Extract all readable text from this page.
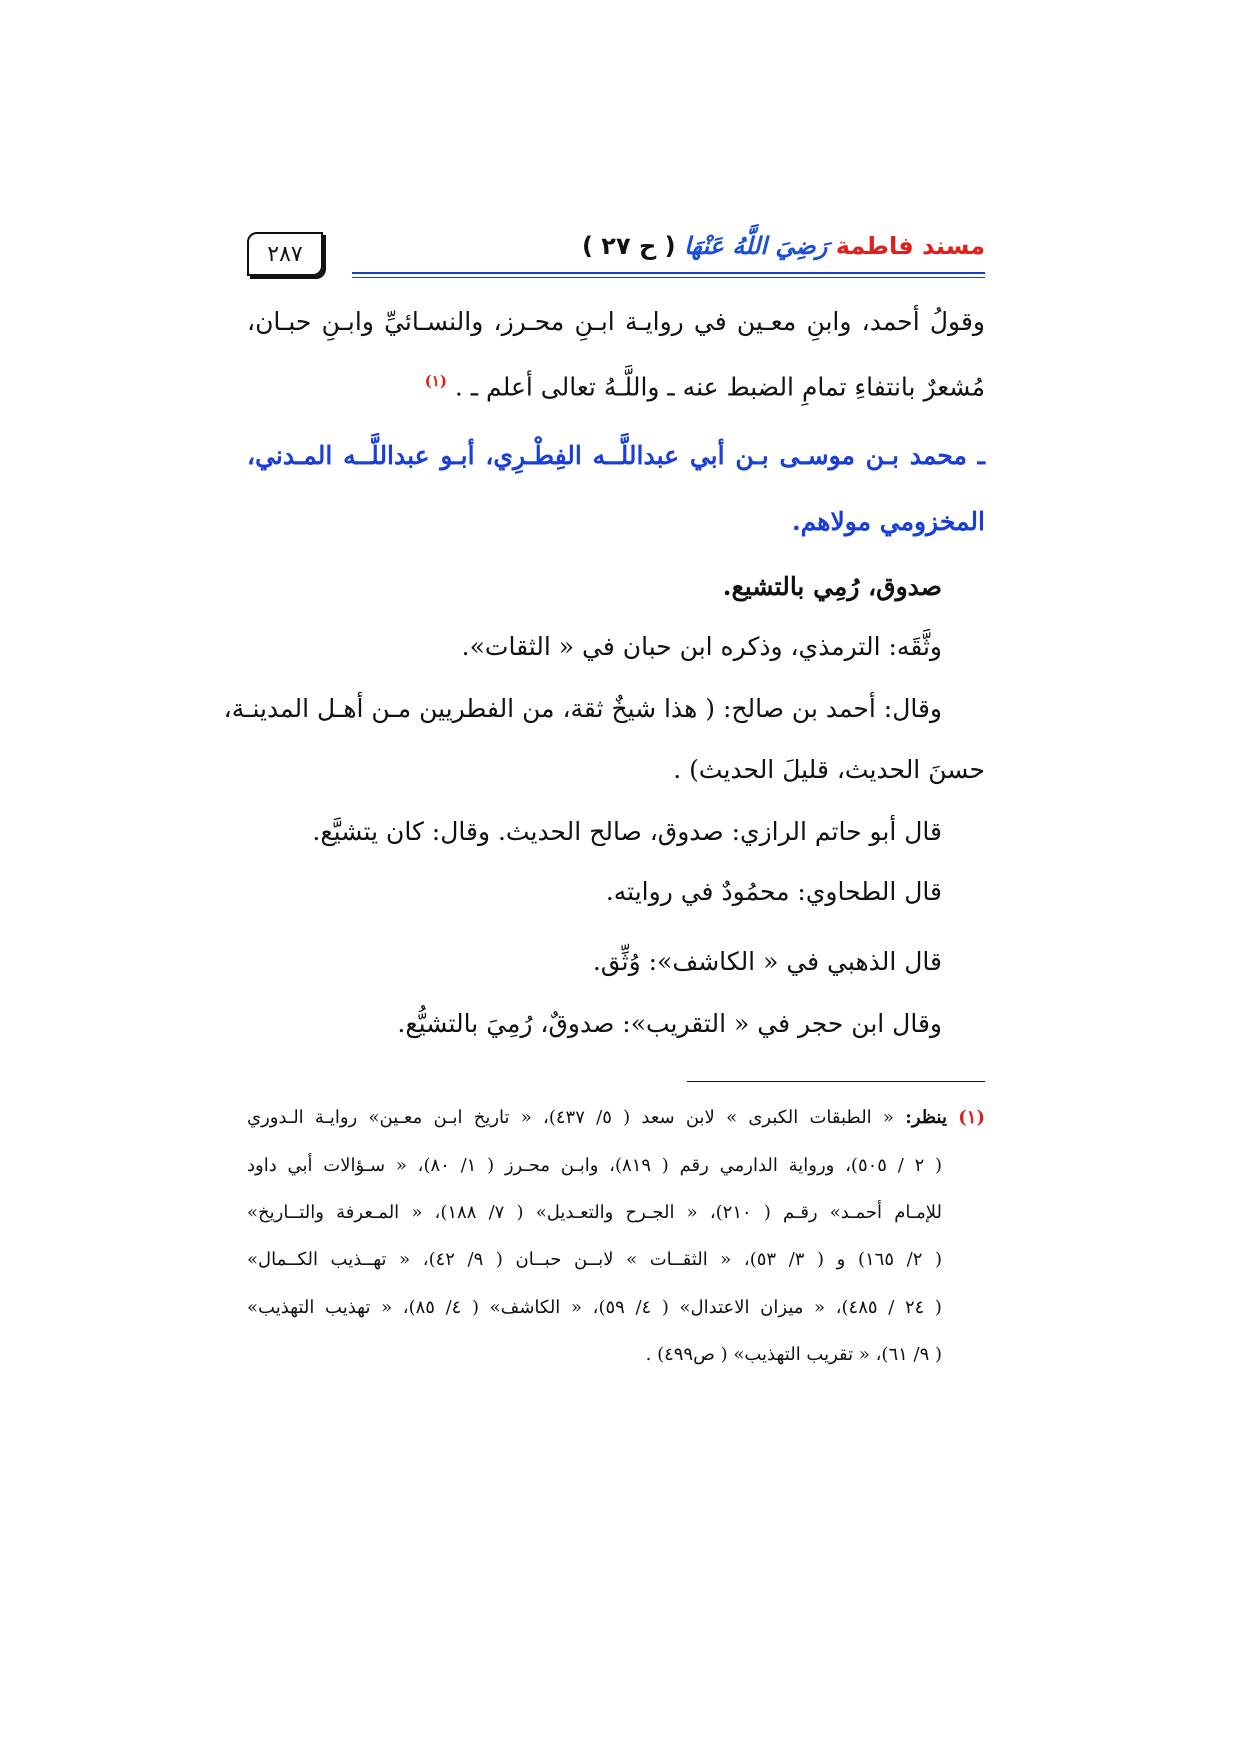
٢٨٧	مسند فاطمة رَضِيَ اللَّهُ عَنْهَا ( ح ٢٧ )
وقولُ أحمد، وابنِ معـين في روايـة ابـنِ محـرز، والنسـائيِّ وابـنِ حبـان،
مُشعرٌ بانتفاءِ تمامِ الضبط عنه ـ واللَّـهُ تعالى أعلم ـ . $^{(١)}$
ـ محمد بـن موسـى بـن أبي عبداللَّــه الفِطْـرِي، أبـو عبداللَّــه المـدني،
المخزومي مولاهم.
صدوق، رُمِي بالتشيع.
وثَّقَه: الترمذي، وذكره ابن حبان في « الثقات».
وقال: أحمد بن صالح: ( هذا شيخٌ ثقة، من الفطريين مـن أهـل المدينـة،
حسنَ الحديث، قليلَ الحديث) .
قال أبو حاتم الرازي: صدوق، صالح الحديث. وقال: كان يتشيَّع.
قال الطحاوي: محمُودٌ في روايته.
قال الذهبي في « الكاشف»: وُثِّق.
وقال ابن حجر في « التقريب»: صدوقٌ، رُمِيَ بالتشيُّع.
(١) ينظر: « الطبقات الكبرى » لابن سعد ( ٥/ ٤٣٧)، « تاريخ ابـن معـين» روايـة الـدوري
( ٢ / ٥٠٥)، ورواية الدارمي رقم ( ٨١٩)، وابـن محـرز ( ١/ ٨٠)، « سـؤالات أبي داود
للإمـام أحمـد» رقـم ( ٢١٠)، « الجـرح والتعـديل» ( ٧/ ١٨٨)، « المـعرفة والتــاريخ»
( ٢/ ١٦٥) و ( ٣/ ٥٣)، « الثقــات » لابــن حبــان ( ٩/ ٤٢)، « تهــذيب الكــمال»
( ٢٤ / ٤٨٥)، « ميزان الاعتدال» ( ٤/ ٥٩)، « الكاشف» ( ٤/ ٨٥)، « تهذيب التهذيب»
( ٩/ ٦١)، « تقريب التهذيب» ( ص٤٩٩) .
